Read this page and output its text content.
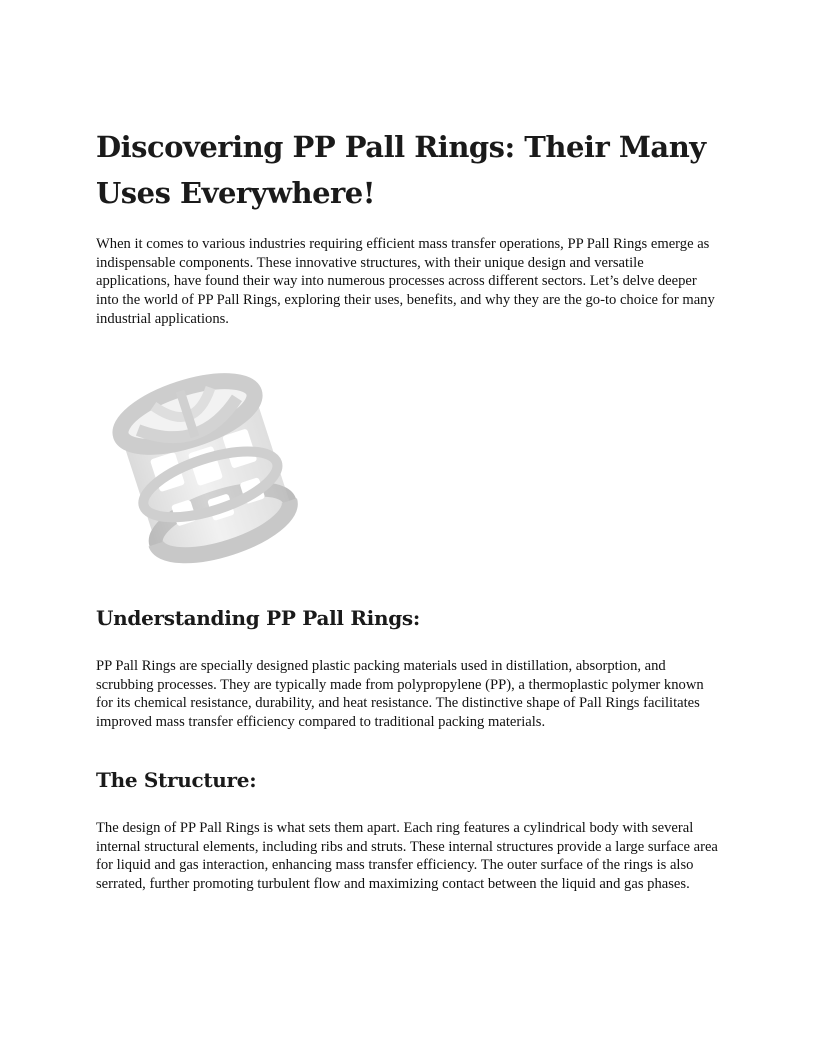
Discovering PP Pall Rings: Their Many Uses Everywhere!

When it comes to various industries requiring efficient mass transfer operations, PP Pall Rings emerge as indispensable components. These innovative structures, with their unique design and versatile applications, have found their way into numerous processes across different sectors. Let’s delve deeper into the world of PP Pall Rings, exploring their uses, benefits, and why they are the go-to choice for many industrial applications.

Understanding PP Pall Rings:

PP Pall Rings are specially designed plastic packing materials used in distillation, absorption, and scrubbing processes. They are typically made from polypropylene (PP), a thermoplastic polymer known for its chemical resistance, durability, and heat resistance. The distinctive shape of Pall Rings facilitates improved mass transfer efficiency compared to traditional packing materials.

The Structure:

The design of PP Pall Rings is what sets them apart. Each ring features a cylindrical body with several internal structural elements, including ribs and struts. These internal structures provide a large surface area for liquid and gas interaction, enhancing mass transfer efficiency. The outer surface of the rings is also serrated, further promoting turbulent flow and maximizing contact between the liquid and gas phases.
